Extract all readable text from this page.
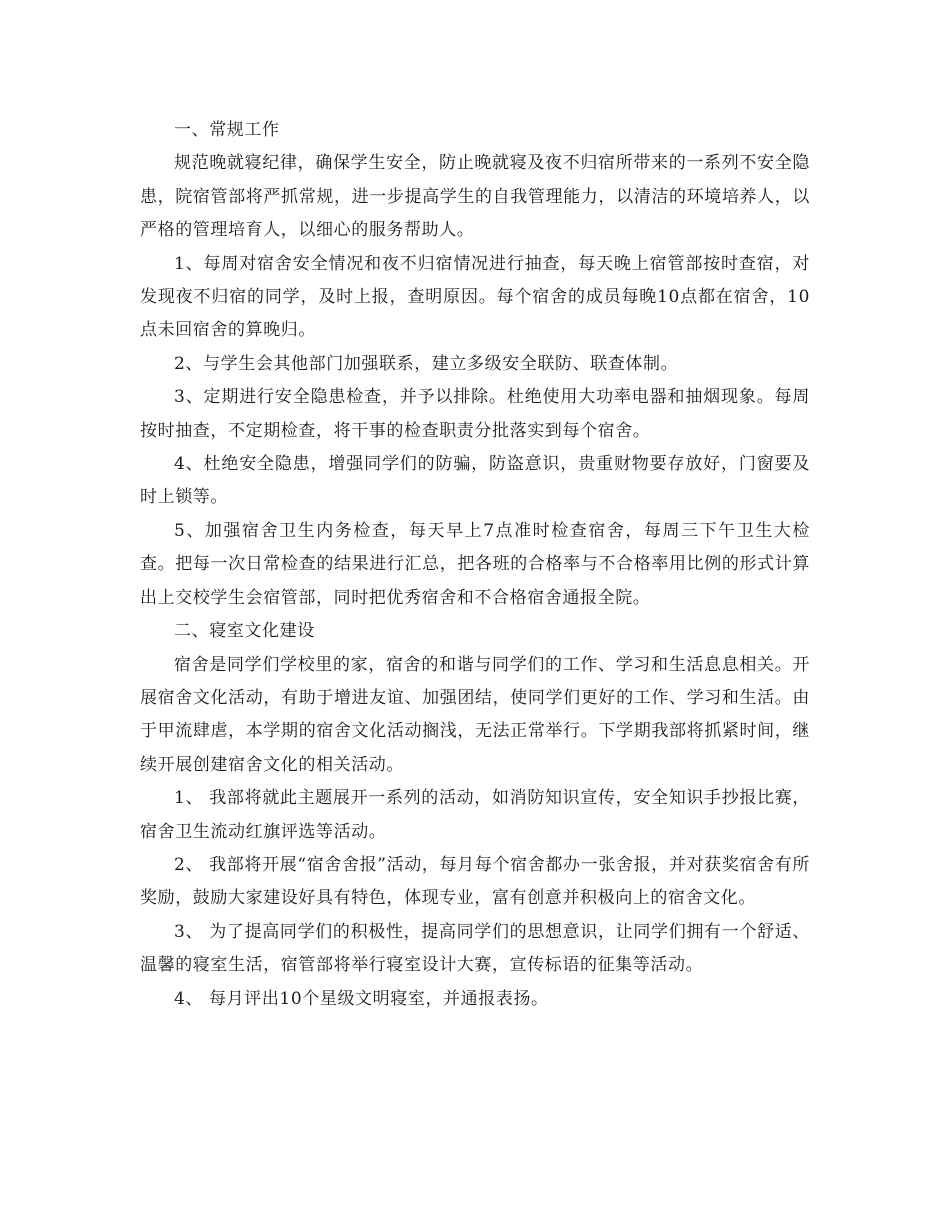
一、常规工作

规范晚就寝纪律，确保学生安全，防止晚就寝及夜不归宿所带来的一系列不安全隐患，院宿管部将严抓常规，进一步提高学生的自我管理能力，以清洁的环境培养人，以严格的管理培育人，以细心的服务帮助人。

1、每周对宿舍安全情况和夜不归宿情况进行抽查，每天晚上宿管部按时查宿，对发现夜不归宿的同学，及时上报，查明原因。每个宿舍的成员每晚10点都在宿舍，10点未回宿舍的算晚归。

2、与学生会其他部门加强联系，建立多级安全联防、联查体制。

3、定期进行安全隐患检查，并予以排除。杜绝使用大功率电器和抽烟现象。每周按时抽查，不定期检查，将干事的检查职责分批落实到每个宿舍。

4、杜绝安全隐患，增强同学们的防骗，防盗意识，贵重财物要存放好，门窗要及时上锁等。

5、加强宿舍卫生内务检查，每天早上7点准时检查宿舍，每周三下午卫生大检查。把每一次日常检查的结果进行汇总，把各班的合格率与不合格率用比例的形式计算出上交校学生会宿管部，同时把优秀宿舍和不合格宿舍通报全院。

二、寝室文化建设

宿舍是同学们学校里的家，宿舍的和谐与同学们的工作、学习和生活息息相关。开展宿舍文化活动，有助于增进友谊、加强团结，使同学们更好的工作、学习和生活。由于甲流肆虐，本学期的宿舍文化活动搁浅，无法正常举行。下学期我部将抓紧时间，继续开展创建宿舍文化的相关活动。

1、 我部将就此主题展开一系列的活动，如消防知识宣传，安全知识手抄报比赛，宿舍卫生流动红旗评选等活动。

2、 我部将开展“宿舍舍报”活动，每月每个宿舍都办一张舍报，并对获奖宿舍有所奖励，鼓励大家建设好具有特色，体现专业，富有创意并积极向上的宿舍文化。

3、 为了提高同学们的积极性，提高同学们的思想意识，让同学们拥有一个舒适、温馨的寝室生活，宿管部将举行寝室设计大赛，宣传标语的征集等活动。

4、 每月评出10个星级文明寝室，并通报表扬。
